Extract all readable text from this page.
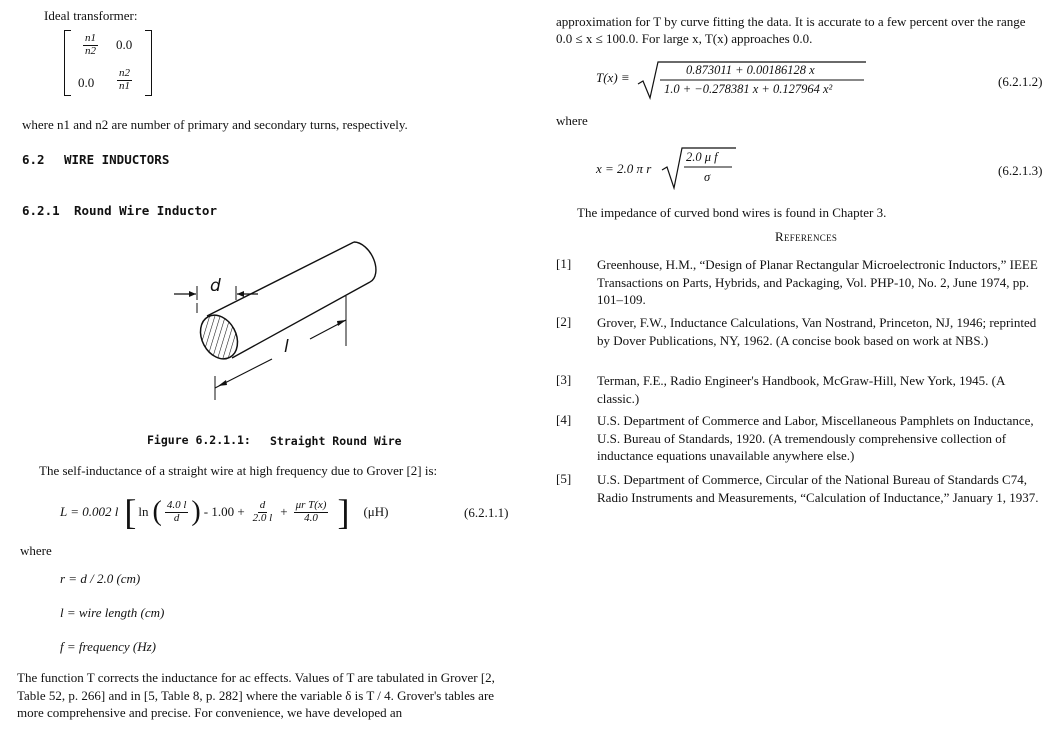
Ideal transformer:
$\frac{n1}{n2} 0.0$
$0.0 \frac{n2}{n1}$
where n1 and n2 are number of primary and secondary turns, respectively.
6.2 WIRE INDUCTORS
6.2.1 Round Wire Inductor
d
l
Figure 6.2.1.1: Straight Round Wire
The self-inductance of a straight wire at high frequency due to Grover [2] is:
L = 0.002 l [ ln ( $\frac{4.0 l}{d}$ ) - $1.00 + \frac{d}{2.0 l} + \frac{\text{μr T(x)}}{4.0}$ ] (μH)	(6.2.1.1)
where
r = d / 2.0 (cm)
l = wire length (cm)
f = frequency (Hz)
The function T corrects the inductance for ac effects. Values of T are tabulated in Grover [2, Table 52, p. 266] and in [5, Table 8, p. 282] where the variable δ is T / 4. Grover's tables are more comprehensive and precise. For convenience, we have developed an
approximation for T by curve fitting the data. It is accurate to a few percent over the range
0.0 ≤ x ≤ 100.0. For large x, T(x) approaches 0.0.
T(x) ≡	0.873011 + 0.00186128 x
1.0 + −0.278381 x + 0.127964 x²	(6.2.1.2)
where
x = 2.0 π r
2.0 μ f
σ	(6.2.1.3)
The impedance of curved bond wires is found in Chapter 3.
References
[1] Greenhouse, H.M., “Design of Planar Rectangular Microelectronic Inductors,” IEEE Transactions on Parts, Hybrids, and Packaging, Vol. PHP-10, No. 2, June 1974, pp. 101–109.
[2] Grover, F.W., Inductance Calculations, Van Nostrand, Princeton, NJ, 1946; reprinted by Dover Publications, NY, 1962. (A concise book based on work at NBS.)
[3] Terman, F.E., Radio Engineer's Handbook, McGraw-Hill, New York, 1945. (A classic.)
[4] U.S. Department of Commerce and Labor, Miscellaneous Pamphlets on Inductance, U.S. Bureau of Standards, 1920. (A tremendously comprehensive collection of inductance equations unavailable anywhere else.)
[5] U.S. Department of Commerce, Circular of the National Bureau of Standards C74, Radio Instruments and Measurements, “Calculation of Inductance,” January 1, 1937.
